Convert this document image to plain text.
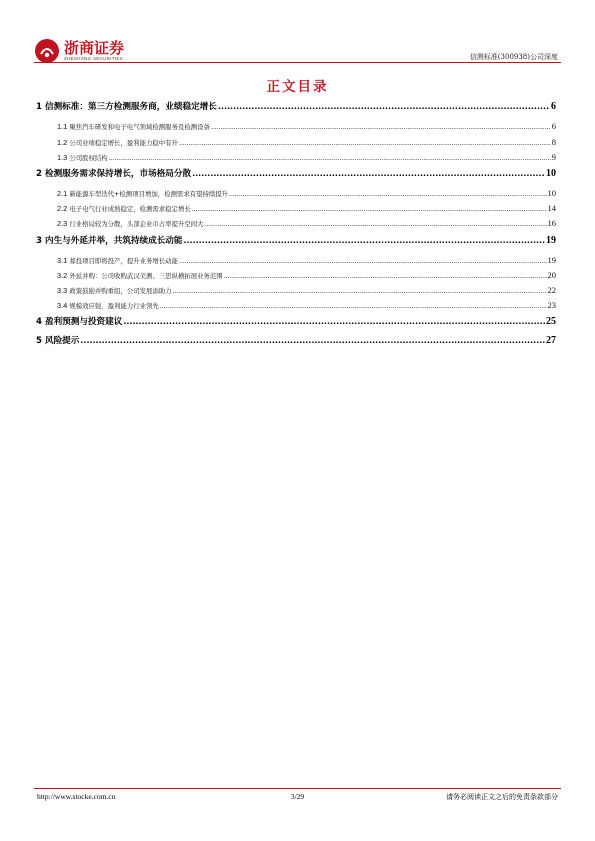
浙商证券
ZHESHANG SECURITIES	信测标准(300938)公司深度
正文目录
1 信测标准：第三方检测服务商，业绩稳定增长 .....	6
1.1 聚焦汽车研发和电子电气领域检测服务及检测设备 .....	6
1.2 公司业绩稳定增长，盈利能力稳中有升 .....	8
1.3 公司股权结构 .....	9
2 检测服务需求保持增长，市场格局分散 .....	10
2.1 新能源车型迭代+检测项目增加，检测需求有望持续提升 .....	10
2.2 电子电气行业成熟稳定，检测需求稳定增长 .....	14
2.3 行业格局较为分散，头部企业市占率提升空间大 .....	16
3 内生与外延并举，共筑持续成长动能 .....	19
3.1 募投项目即将投产，提升业务增长动能 .....	19
3.2 外延并购：公司收购武汉美测、三思纵横拓展业务范围 .....	20
3.3 政策鼓励并购重组，公司发展添助力 .....	22
3.4 规模效应强，盈利能力行业领先 .....	23
4 盈利预测与投资建议 .....	25
5 风险提示 .....	27
http://www.stocke.com.cn	3/29	请务必阅读正文之后的免责条款部分
